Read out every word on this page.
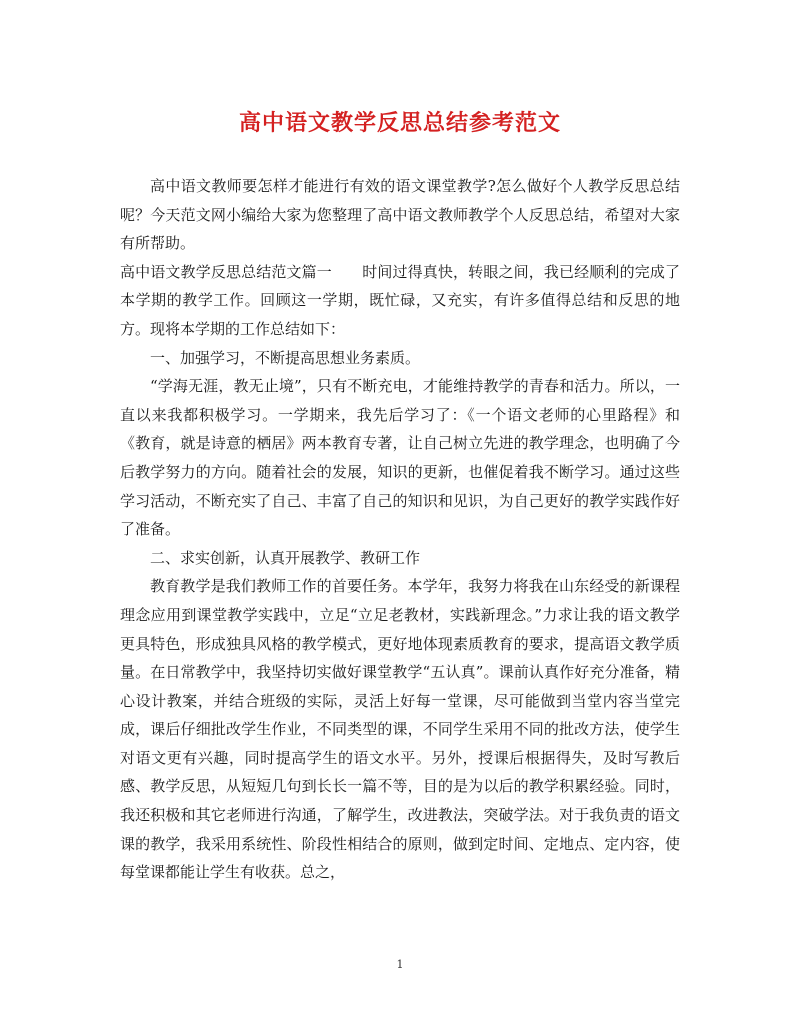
高中语文教学反思总结参考范文

高中语文教师要怎样才能进行有效的语文课堂教学?怎么做好个人教学反思总结呢？今天范文网小编给大家为您整理了高中语文教师教学个人反思总结，希望对大家有所帮助。

高中语文教学反思总结范文篇一　　时间过得真快，转眼之间，我已经顺利的完成了本学期的教学工作。回顾这一学期，既忙碌，又充实，有许多值得总结和反思的地方。现将本学期的工作总结如下：

一、加强学习，不断提高思想业务素质。

“学海无涯，教无止境”，只有不断充电，才能维持教学的青春和活力。所以，一直以来我都积极学习。一学期来，我先后学习了：《一个语文老师的心里路程》和《教育，就是诗意的栖居》两本教育专著，让自己树立先进的教学理念，也明确了今后教学努力的方向。随着社会的发展，知识的更新，也催促着我不断学习。通过这些学习活动，不断充实了自己、丰富了自己的知识和见识，为自己更好的教学实践作好了准备。

二、求实创新，认真开展教学、教研工作

教育教学是我们教师工作的首要任务。本学年，我努力将我在山东经受的新课程理念应用到课堂教学实践中，立足“立足老教材，实践新理念。”力求让我的语文教学更具特色，形成独具风格的教学模式，更好地体现素质教育的要求，提高语文教学质量。在日常教学中，我坚持切实做好课堂教学“五认真”。课前认真作好充分准备，精心设计教案，并结合班级的实际，灵活上好每一堂课，尽可能做到当堂内容当堂完成，课后仔细批改学生作业，不同类型的课，不同学生采用不同的批改方法，使学生对语文更有兴趣，同时提高学生的语文水平。另外，授课后根据得失，及时写教后感、教学反思，从短短几句到长长一篇不等，目的是为以后的教学积累经验。同时，我还积极和其它老师进行沟通，了解学生，改进教法，突破学法。对于我负责的语文课的教学，我采用系统性、阶段性相结合的原则，做到定时间、定地点、定内容，使每堂课都能让学生有收获。总之，

1
